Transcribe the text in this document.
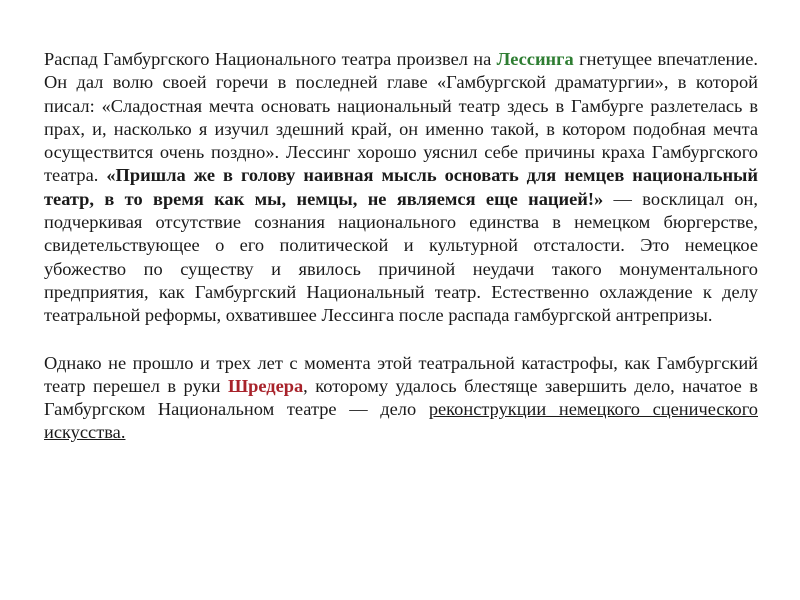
Распад Гамбургского Национального театра произвел на Лессинга гнетущее впечатление. Он дал волю своей горечи в последней главе «Гамбургской драматургии», в которой писал: «Сладостная мечта основать национальный театр здесь в Гамбурге разлетелась в прах, и, насколько я изучил здешний край, он именно такой, в котором подобная мечта осуществится очень поздно». Лессинг хорошо уяснил себе причины краха Гамбургского театра. «Пришла же в голову наивная мысль основать для немцев национальный театр, в то время как мы, немцы, не являемся еще нацией!» — восклицал он, подчеркивая отсутствие сознания национального единства в немецком бюргерстве, свидетельствующее о его политической и культурной отсталости. Это немецкое убожество по существу и явилось причиной неудачи такого монументального предприятия, как Гамбургский Национальный театр. Естественно охлаждение к делу театральной реформы, охватившее Лессинга после распада гамбургской антрепризы.

Однако не прошло и трех лет с момента этой театральной катастрофы, как Гамбургский театр перешел в руки Шредера, которому удалось блестяще завершить дело, начатое в Гамбургском Национальном театре — дело реконструкции немецкого сценического искусства.
